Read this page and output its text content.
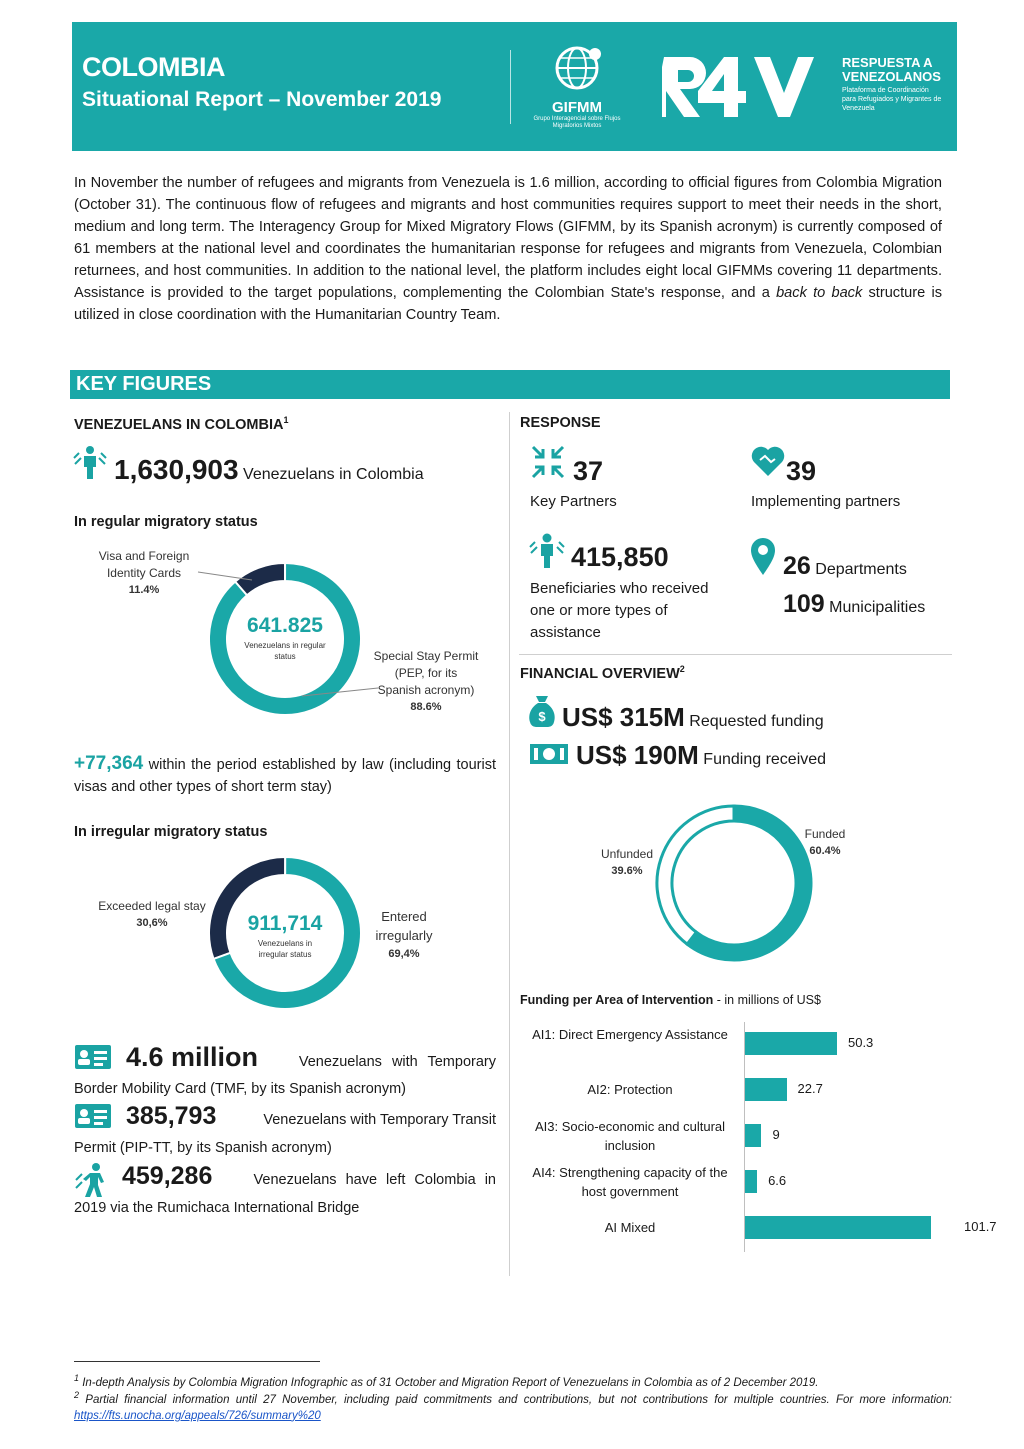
COLOMBIA
Situational Report – November 2019	GIFMM
Grupo Interagencial sobre Flujos Migratorios Mixtos
RESPUESTA A
VENEZOLANOS
Plataforma de Coordinación para Refugiados y Migrantes de Venezuela
In November the number of refugees and migrants from Venezuela is 1.6 million, according to official figures from Colombia Migration (October 31). The continuous flow of refugees and migrants and host communities requires support to meet their needs in the short, medium and long term. The Interagency Group for Mixed Migratory Flows (GIFMM, by its Spanish acronym) is currently composed of 61 members at the national level and coordinates the humanitarian response for refugees and migrants from Venezuela, Colombian returnees, and host communities. In addition to the national level, the platform includes eight local GIFMMs covering 11 departments. Assistance is provided to the target populations, complementing the Colombian State's response, and a back to back structure is utilized in close coordination with the Humanitarian Country Team.
KEY FIGURES
VENEZUELANS IN COLOMBIA$^1$
1,630,903 Venezuelans in Colombia
In regular migratory status
641.825
Venezuelans in regular status
Visa and Foreign Identity Cards
11.4%
Special Stay Permit (PEP, for its Spanish acronym)
88.6%
+77,364 within the period established by law (including tourist visas and other types of short term stay)
In irregular migratory status
911,714
Venezuelans in irregular status
Exceeded legal stay
30,6%	Entered irregularly
69,4%
4.6 million	Venezuelans with Temporary
Border Mobility Card (TMF, by its Spanish acronym)
385,793	Venezuelans with Temporary Transit
Permit (PIP-TT, by its Spanish acronym)
459,286	Venezuelans have left Colombia in
2019 via the Rumichaca International Bridge
RESPONSE
37
Key Partners
39
Implementing partners
415,850
Beneficiaries who received one or more types of assistance
26 Departments
109 Municipalities
FINANCIAL OVERVIEW$^2$
$ US$ 315M Requested funding
US$ 190M Funding received
Funded
60.4%
Unfunded
39.6%
Funding per Area of Intervention - in millions of US$
AI1: Direct Emergency Assistance
50.3
AI2: Protection	22.7
AI3: Socio-economic and cultural inclusion
9
AI4: Strengthening capacity of the host government
6.6
AI Mixed	101.7
$^1$ In-depth Analysis by Colombia Migration Infographic as of 31 October and Migration Report of Venezuelans in Colombia as of 2 December 2019.
$^2$ Partial financial information until 27 November, including paid commitments and contributions, but not contributions for multiple countries. For more information: https://fts.unocha.org/appeals/726/summary%20
